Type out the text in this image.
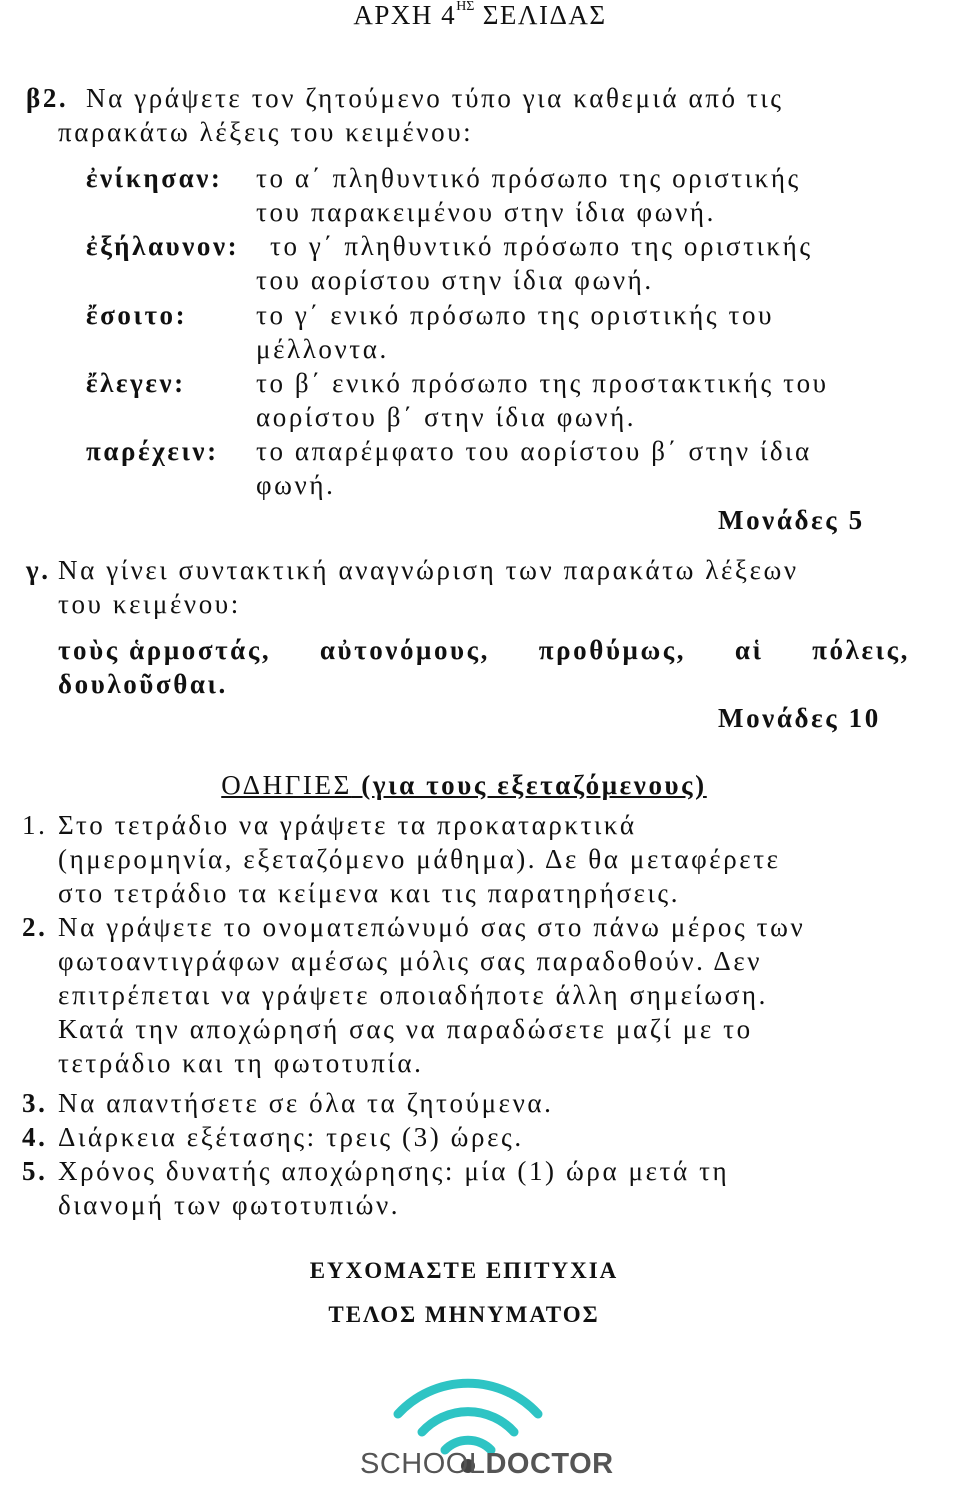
ΑΡΧΗ $4^{H\Sigma}$ ΣΕΛΙΔΑΣ
β2. Να γράψετε τον ζητούμενο τύπο για καθεμιά από τις
παρακάτω λέξεις του κειμένου:
ἐνίκησαν: το α΄ πληθυντικό πρόσωπο της οριστικής
του παρακειμένου στην ίδια φωνή.
ἐξήλαυνον: το γ΄ πληθυντικό πρόσωπο της οριστικής
του αορίστου στην ίδια φωνή.
ἔσοιτο:	το γ΄ ενικό πρόσωπο της οριστικής του
μέλλοντα.
ἔλεγεν:	το β΄ ενικό πρόσωπο της προστακτικής του
αορίστου β΄ στην ίδια φωνή.
παρέχειν: το απαρέμφατο του αορίστου β΄ στην ίδια
φωνή.
Μονάδες 5
γ. Να γίνει συντακτική αναγνώριση των παρακάτω λέξεων
του κειμένου:
τοὺς ἁρμοστάς, αὐτονόμους, προθύμως, αἱ πόλεις,
δουλοῦσθαι.
Μονάδες 10
ΟΔΗΓΙΕΣ (για τους εξεταζόμενους)
1. Στο τετράδιο να γράψετε τα προκαταρκτικά
(ημερομηνία, εξεταζόμενο μάθημα). Δε θα μεταφέρετε
στο τετράδιο τα κείμενα και τις παρατηρήσεις.
2. Να γράψετε το ονοματεπώνυμό σας στο πάνω μέρος των
φωτοαντιγράφων αμέσως μόλις σας παραδοθούν. Δεν
επιτρέπεται να γράψετε οποιαδήποτε άλλη σημείωση.
Κατά την αποχώρησή σας να παραδώσετε μαζί με το
τετράδιο και τη φωτοτυπία.
3. Να απαντήσετε σε όλα τα ζητούμενα.
4. Διάρκεια εξέτασης: τρεις (3) ώρες.
5. Χρόνος δυνατής αποχώρησης: μία (1) ώρα μετά τη
διανομή των φωτοτυπιών.
ΕΥΧΟΜΑΣΤΕ ΕΠΙΤΥΧΙΑ
ΤΕΛΟΣ ΜΗΝΥΜΑΤΟΣ
SCHOOLDOCTOR
